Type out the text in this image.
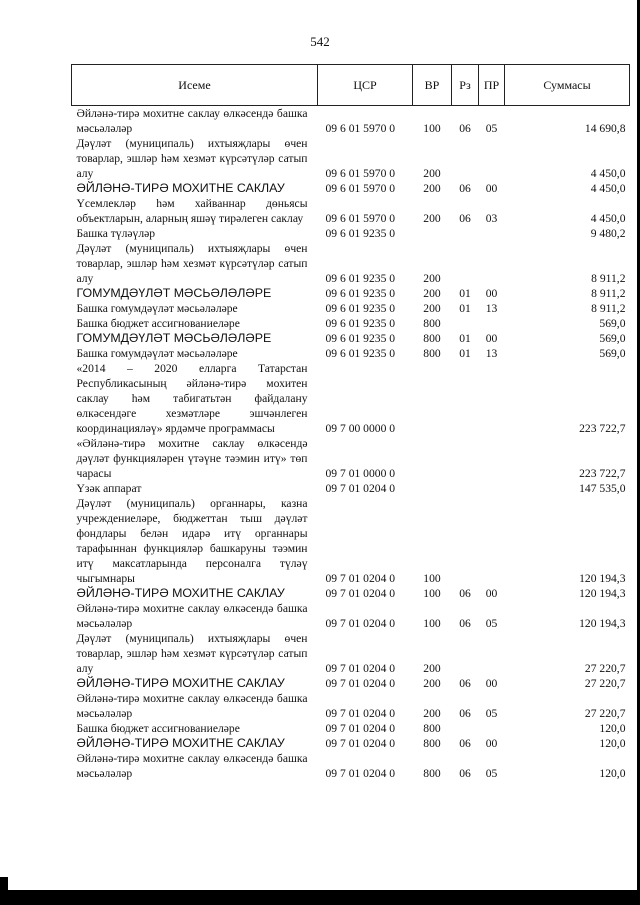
542
Исеме	ЦСР	ВР	Рз	ПР	Суммасы
Әйләнә-тирә мохитне саклау өлкәсендә башка мәсьәләләр	09 6 01 5970 0	100	06	05	14 690,8
Дәүләт (муниципаль) ихтыяҗлары өчен товарлар, эшләр һәм хезмәт күрсәтүләр сатып алу	09 6 01 5970 0	200			4 450,0
ӘЙЛӘНӘ-ТИРӘ МОХИТНЕ САКЛАУ	09 6 01 5970 0	200	06	00	4 450,0
Үсемлекләр һәм хайваннар дөньясы объектларын, аларның яшәү тирәлеген саклау	09 6 01 5970 0	200	06	03	4 450,0
Башка түләүләр	09 6 01 9235 0				9 480,2
Дәүләт (муниципаль) ихтыяҗлары өчен товарлар, эшләр һәм хезмәт күрсәтүләр сатып алу	09 6 01 9235 0	200			8 911,2
ГОМУМДӘҮЛӘТ МӘСЬӘЛӘЛӘРЕ	09 6 01 9235 0	200	01	00	8 911,2
Башка гомумдәүләт мәсьәләләре	09 6 01 9235 0	200	01	13	8 911,2
Башка бюджет ассигнованиеләре	09 6 01 9235 0	800			569,0
ГОМУМДӘҮЛӘТ МӘСЬӘЛӘЛӘРЕ	09 6 01 9235 0	800	01	00	569,0
Башка гомумдәүләт мәсьәләләре	09 6 01 9235 0	800	01	13	569,0
«2014 – 2020 елларга Татарстан Республикасының әйләнә-тирә мохитен саклау һәм табигатьтән файдалану өлкәсендәге хезмәтләре эшчәнлеген координацияләү» ярдәмче программасы	09 7 00 0000 0				223 722,7
«Әйләнә-тирә мохитне саклау өлкәсендә дәүләт функцияләрен үтәүне тәэмин итү» төп чарасы	09 7 01 0000 0				223 722,7
Үзәк аппарат	09 7 01 0204 0				147 535,0
Дәүләт (муниципаль) органнары, казна учреждениеләре, бюджеттан тыш дәүләт фондлары белән идарә итү органнары тарафыннан функцияләр башкаруны тәэмин итү максатларында персоналга түләү чыгымнары	09 7 01 0204 0	100			120 194,3
ӘЙЛӘНӘ-ТИРӘ МОХИТНЕ САКЛАУ	09 7 01 0204 0	100	06	00	120 194,3
Әйләнә-тирә мохитне саклау өлкәсендә башка мәсьәләләр	09 7 01 0204 0	100	06	05	120 194,3
Дәүләт (муниципаль) ихтыяҗлары өчен товарлар, эшләр һәм хезмәт күрсәтүләр сатып алу	09 7 01 0204 0	200			27 220,7
ӘЙЛӘНӘ-ТИРӘ МОХИТНЕ САКЛАУ	09 7 01 0204 0	200	06	00	27 220,7
Әйләнә-тирә мохитне саклау өлкәсендә башка мәсьәләләр	09 7 01 0204 0	200	06	05	27 220,7
Башка бюджет ассигнованиеләре	09 7 01 0204 0	800			120,0
ӘЙЛӘНӘ-ТИРӘ МОХИТНЕ САКЛАУ	09 7 01 0204 0	800	06	00	120,0
Әйләнә-тирә мохитне саклау өлкәсендә башка мәсьәләләр	09 7 01 0204 0	800	06	05	120,0
